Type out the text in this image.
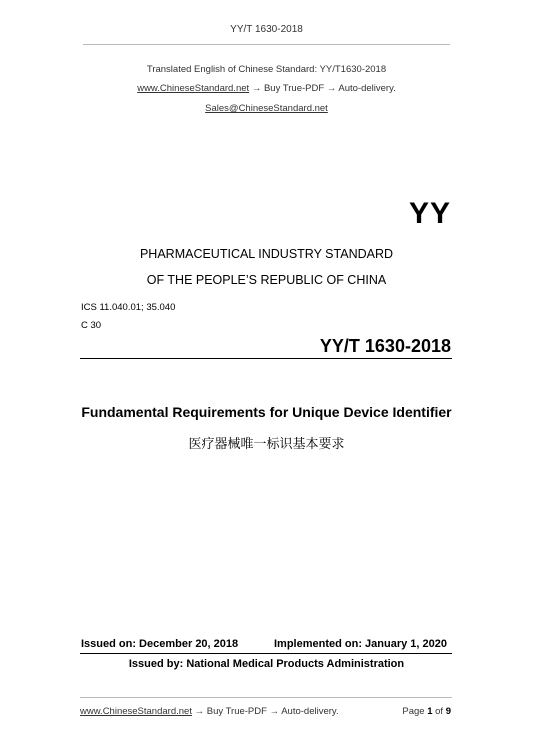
YY/T 1630-2018
Translated English of Chinese Standard: YY/T1630-2018
www.ChineseStandard.net → Buy True-PDF → Auto-delivery.
Sales@ChineseStandard.net
YY
PHARMACEUTICAL INDUSTRY STANDARD
OF THE PEOPLE’S REPUBLIC OF CHINA
ICS 11.040.01; 35.040
C 30
YY/T 1630-2018
Fundamental Requirements for Unique Device Identifier
医疗器械唯一标识基本要求
Issued on: December 20, 2018	Implemented on: January 1, 2020
Issued by: National Medical Products Administration
www.ChineseStandard.net → Buy True-PDF → Auto-delivery.	Page 1 of 9
